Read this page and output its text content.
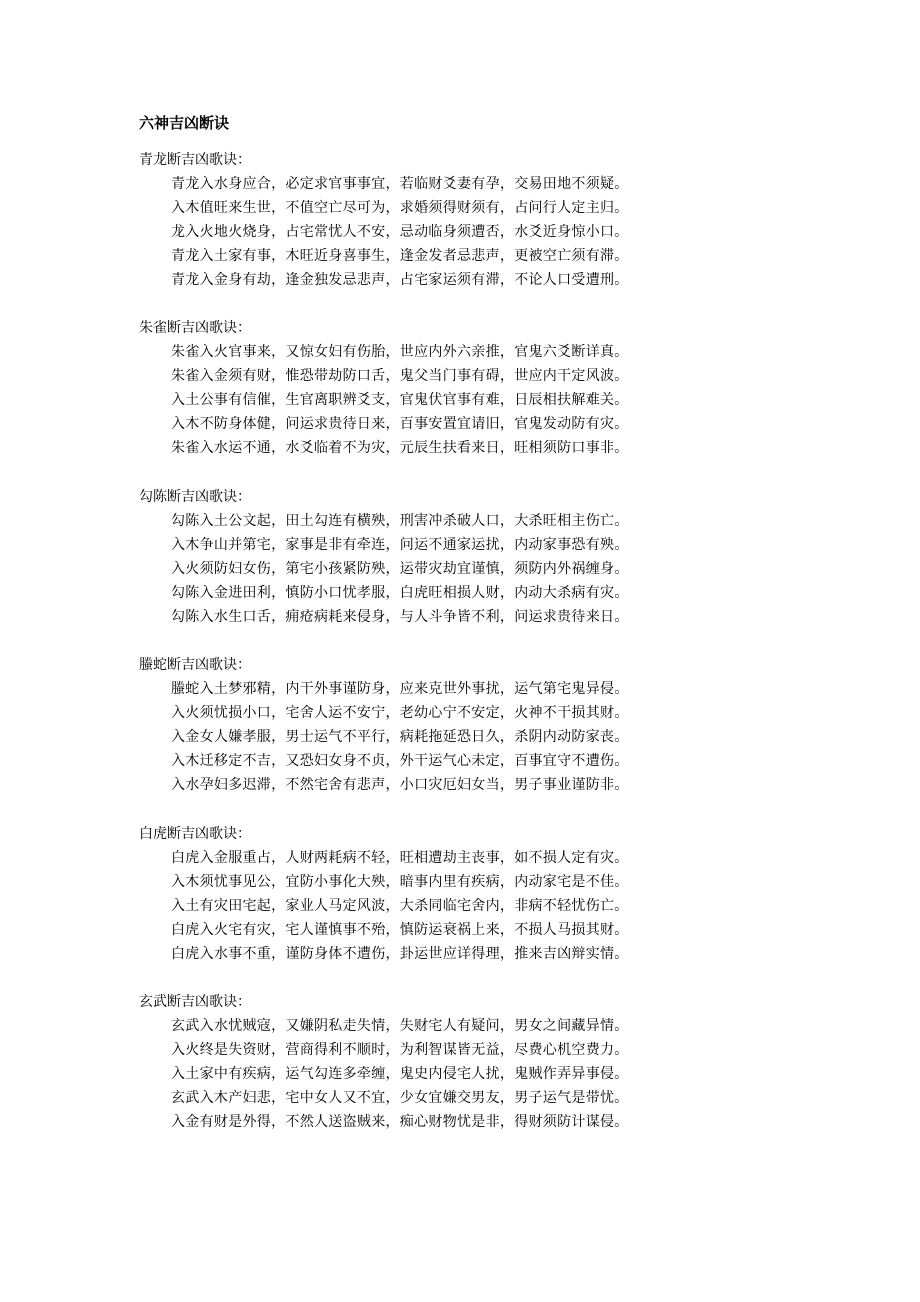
六神吉凶断诀
青龙断吉凶歌诀：
青龙入水身应合，必定求官事事宜，若临财爻妻有孕，交易田地不须疑。
入木值旺来生世，不值空亡尽可为，求婚须得财须有，占问行人定主归。
龙入火地火烧身，占宅常忧人不安，忌动临身须遭否，水爻近身惊小口。
青龙入土家有事，木旺近身喜事生，逢金发者忌悲声，更被空亡须有滞。
青龙入金身有劫，逢金独发忌悲声，占宅家运须有滞，不论人口受遭刑。
朱雀断吉凶歌诀：
朱雀入火官事来，又惊女妇有伤胎，世应内外六亲推，官鬼六爻断详真。
朱雀入金须有财，惟恐带劫防口舌，鬼父当门事有碍，世应内干定风波。
入土公事有信催，生官离职辨爻支，官鬼伏官事有难，日辰相扶解难关。
入木不防身体健，问运求贵待日来，百事安置宜请旧，官鬼发动防有灾。
朱雀入水运不通，水爻临着不为灾，元辰生扶看来日，旺相须防口事非。
勾陈断吉凶歌诀：
勾陈入土公文起，田土勾连有横殃，刑害冲杀破人口，大杀旺相主伤亡。
入木争山并第宅，家事是非有牵连，问运不通家运扰，内动家事恐有殃。
入火须防妇女伤，第宅小孩紧防殃，运带灾劫宜谨慎，须防内外祸缠身。
勾陈入金进田利，慎防小口忧孝服，白虎旺相损人财，内动大杀病有灾。
勾陈入水生口舌，痈疮病耗来侵身，与人斗争皆不利，问运求贵待来日。
螣蛇断吉凶歌诀：
螣蛇入土梦邪精，内干外事谨防身，应来克世外事扰，运气第宅鬼异侵。
入火须忧损小口，宅舍人运不安宁，老幼心宁不安定，火神不干损其财。
入金女人嫌孝服，男士运气不平行，病耗拖延恐日久，杀阴内动防家丧。
入木迁移定不吉，又恐妇女身不贞，外干运气心未定，百事宜守不遭伤。
入水孕妇多迟滞，不然宅舍有悲声，小口灾厄妇女当，男子事业谨防非。
白虎断吉凶歌诀：
白虎入金服重占，人财两耗病不轻，旺相遭劫主丧事，如不损人定有灾。
入木须忧事见公，宜防小事化大殃，暗事内里有疾病，内动家宅是不佳。
入土有灾田宅起，家业人马定风波，大杀同临宅舍内，非病不轻忧伤亡。
白虎入火宅有灾，宅人谨慎事不殆，慎防运衰祸上来，不损人马损其财。
白虎入水事不重，谨防身体不遭伤，卦运世应详得理，推来吉凶辩实情。
玄武断吉凶歌诀：
玄武入水忧贼寇，又嫌阴私走失情，失财宅人有疑问，男女之间藏异情。
入火终是失资财，营商得利不顺时，为利智谋皆无益，尽费心机空费力。
入土家中有疾病，运气勾连多牵缠，鬼史内侵宅人扰，鬼贼作弄异事侵。
玄武入木产妇悲，宅中女人又不宜，少女宜嫌交男友，男子运气是带忧。
入金有财是外得，不然人送盗贼来，痴心财物忧是非，得财须防计谋侵。
